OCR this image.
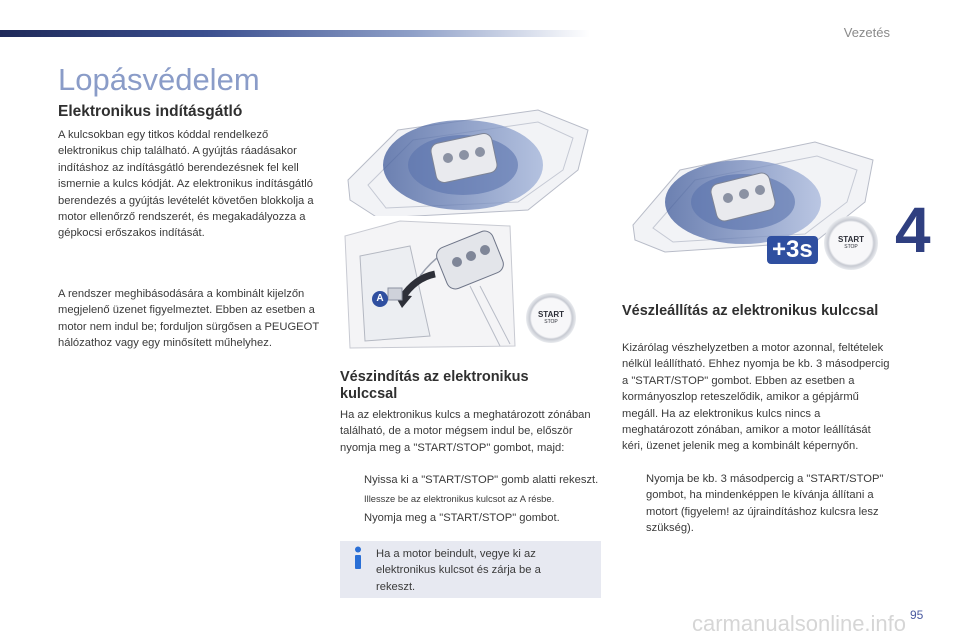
Vezetés
Lopásvédelem
Elektronikus indításgátló

A kulcsokban egy titkos kóddal rendelkező elektronikus chip található. A gyújtás ráadásakor indításhoz az indításgátló berendezésnek fel kell ismernie a kulcs kódját. Az elektronikus indításgátló berendezés a gyújtás levételét követően blokkolja a motor ellenőrző rendszerét, és megakadályozza a gépkocsi erőszakos indítását.

A rendszer meghibásodására a kombinált kijelzőn megjelenő üzenet figyelmeztet. Ebben az esetben a motor nem indul be; forduljon sürgősen a PEUGEOT hálózathoz vagy egy minősített műhelyhez.

A
START
STOP
Vészindítás az elektronikus kulccsal

Ha az elektronikus kulcs a meghatározott zónában található, de a motor mégsem indul be, először nyomja meg a "START/STOP" gombot, majd:

Nyissa ki a "START/STOP" gomb alatti rekeszt.
Illessze be az elektronikus kulcsot az A résbe.
Nyomja meg a "START/STOP" gombot.

Ha a motor beindult, vegye ki az elektronikus kulcsot és zárja be a rekeszt.

+3s	START
STOP 4
Vészleállítás az elektronikus kulccsal

Kizárólag vészhelyzetben a motor azonnal, feltételek nélkül leállítható. Ehhez nyomja be kb. 3 másodpercig a "START/STOP" gombot. Ebben az esetben a kormányoszlop reteszelődik, amikor a gépjármű megáll. Ha az elektronikus kulcs nincs a meghatározott zónában, amikor a motor leállítását kéri, üzenet jelenik meg a kombinált képernyőn.

Nyomja be kb. 3 másodpercig a "START/STOP" gombot, ha mindenképpen le kívánja állítani a motort (figyelem! az újraindításhoz kulcsra lesz szükség).
carmanualsonline.info 95
